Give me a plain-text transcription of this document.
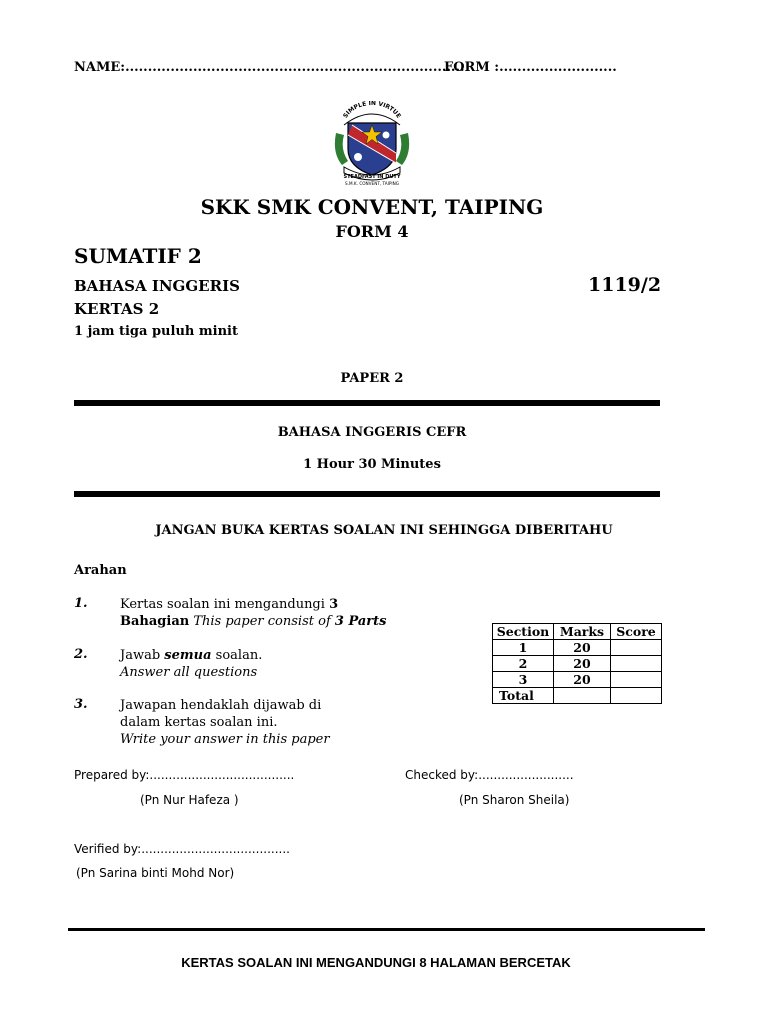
NAME:...........................................................................
FORM :..........................
SIMPLE IN VIRTUE
STEADFAST IN DUTY
S.M.K. CONVENT, TAIPING
SKK SMK CONVENT, TAIPING
FORM 4
SUMATIF 2
BAHASA INGGERIS	1119/2
KERTAS 2
1 jam tiga puluh minit
PAPER 2
BAHASA INGGERIS CEFR
1 Hour 30 Minutes
JANGAN BUKA KERTAS SOALAN INI SEHINGGA DIBERITAHU
Arahan
1. Kertas soalan ini mengandungi 3
Bahagian This paper consist of 3 Parts
2. Jawab semua soalan.
Answer all questions
3. Jawapan hendaklah dijawab di
dalam kertas soalan ini.
Write your answer in this paper
Section	Marks	Score
1	20	
2	20	
3	20	
Total		
Prepared by:......................................
(Pn Nur Hafeza )
Checked by:.........................
(Pn Sharon Sheila)
Verified by:.......................................
(Pn Sarina binti Mohd Nor)
KERTAS SOALAN INI MENGANDUNGI 8 HALAMAN BERCETAK
